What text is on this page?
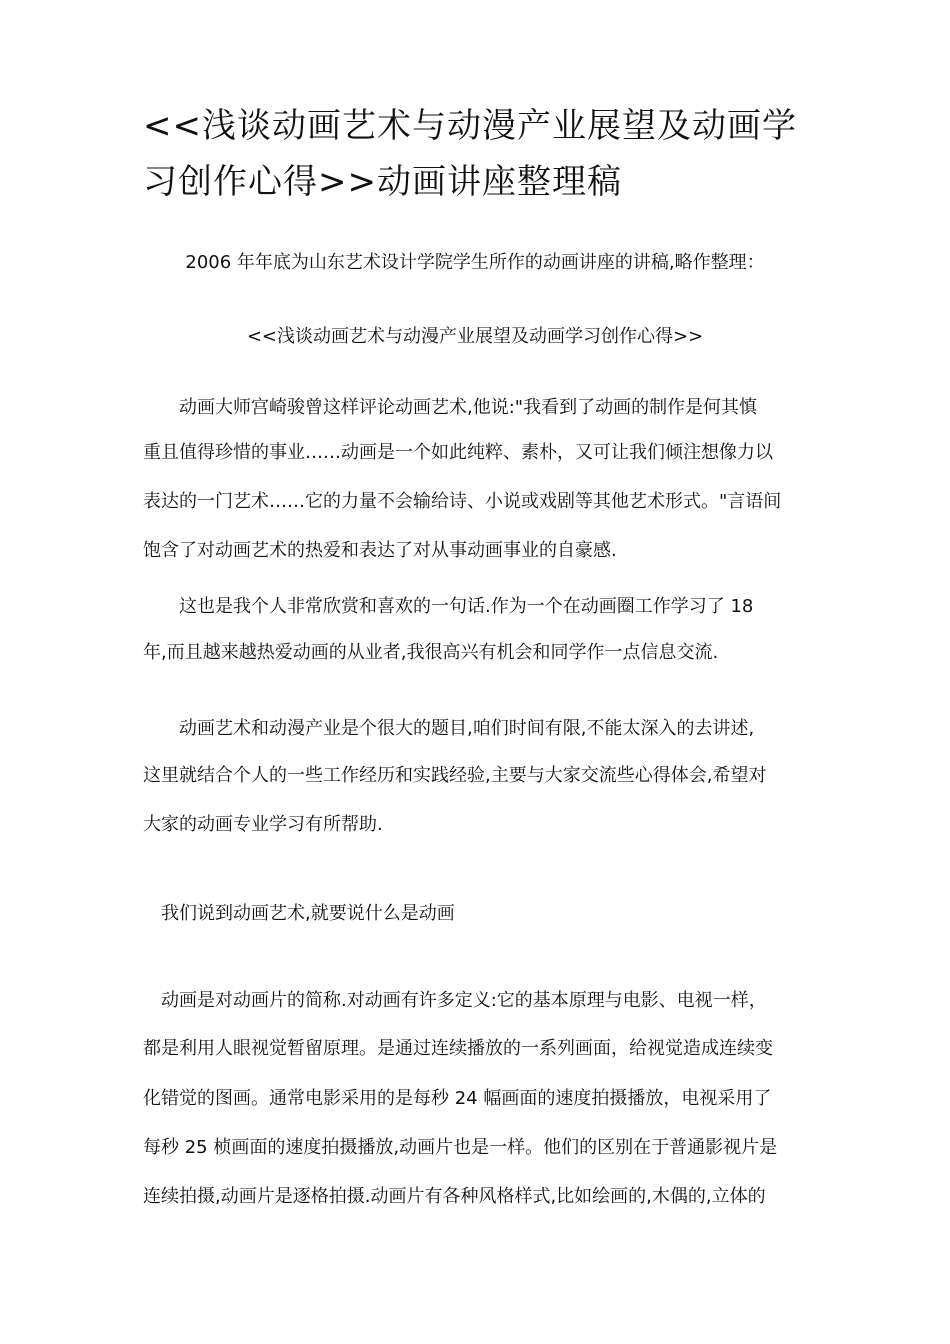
<<浅谈动画艺术与动漫产业展望及动画学
习创作心得>>动画讲座整理稿

2006 年年底为山东艺术设计学院学生所作的动画讲座的讲稿,略作整理：

<<浅谈动画艺术与动漫产业展望及动画学习创作心得>>

　　动画大师宫崎骏曾这样评论动画艺术,他说:"我看到了动画的制作是何其慎

重且值得珍惜的事业……动画是一个如此纯粹、素朴，又可让我们倾注想像力以

表达的一门艺术……它的力量不会输给诗、小说或戏剧等其他艺术形式。"言语间

饱含了对动画艺术的热爱和表达了对从事动画事业的自豪感.

　　这也是我个人非常欣赏和喜欢的一句话.作为一个在动画圈工作学习了 18

年,而且越来越热爱动画的从业者,我很高兴有机会和同学作一点信息交流.

　　动画艺术和动漫产业是个很大的题目,咱们时间有限,不能太深入的去讲述,

这里就结合个人的一些工作经历和实践经验,主要与大家交流些心得体会,希望对

大家的动画专业学习有所帮助.

　我们说到动画艺术,就要说什么是动画

　动画是对动画片的简称.对动画有许多定义:它的基本原理与电影、电视一样，

都是利用人眼视觉暂留原理。是通过连续播放的一系列画面，给视觉造成连续变

化错觉的图画。通常电影采用的是每秒 24 幅画面的速度拍摄播放，电视采用了

每秒 25 桢画面的速度拍摄播放,动画片也是一样。他们的区别在于普通影视片是

连续拍摄,动画片是逐格拍摄.动画片有各种风格样式,比如绘画的,木偶的,立体的
